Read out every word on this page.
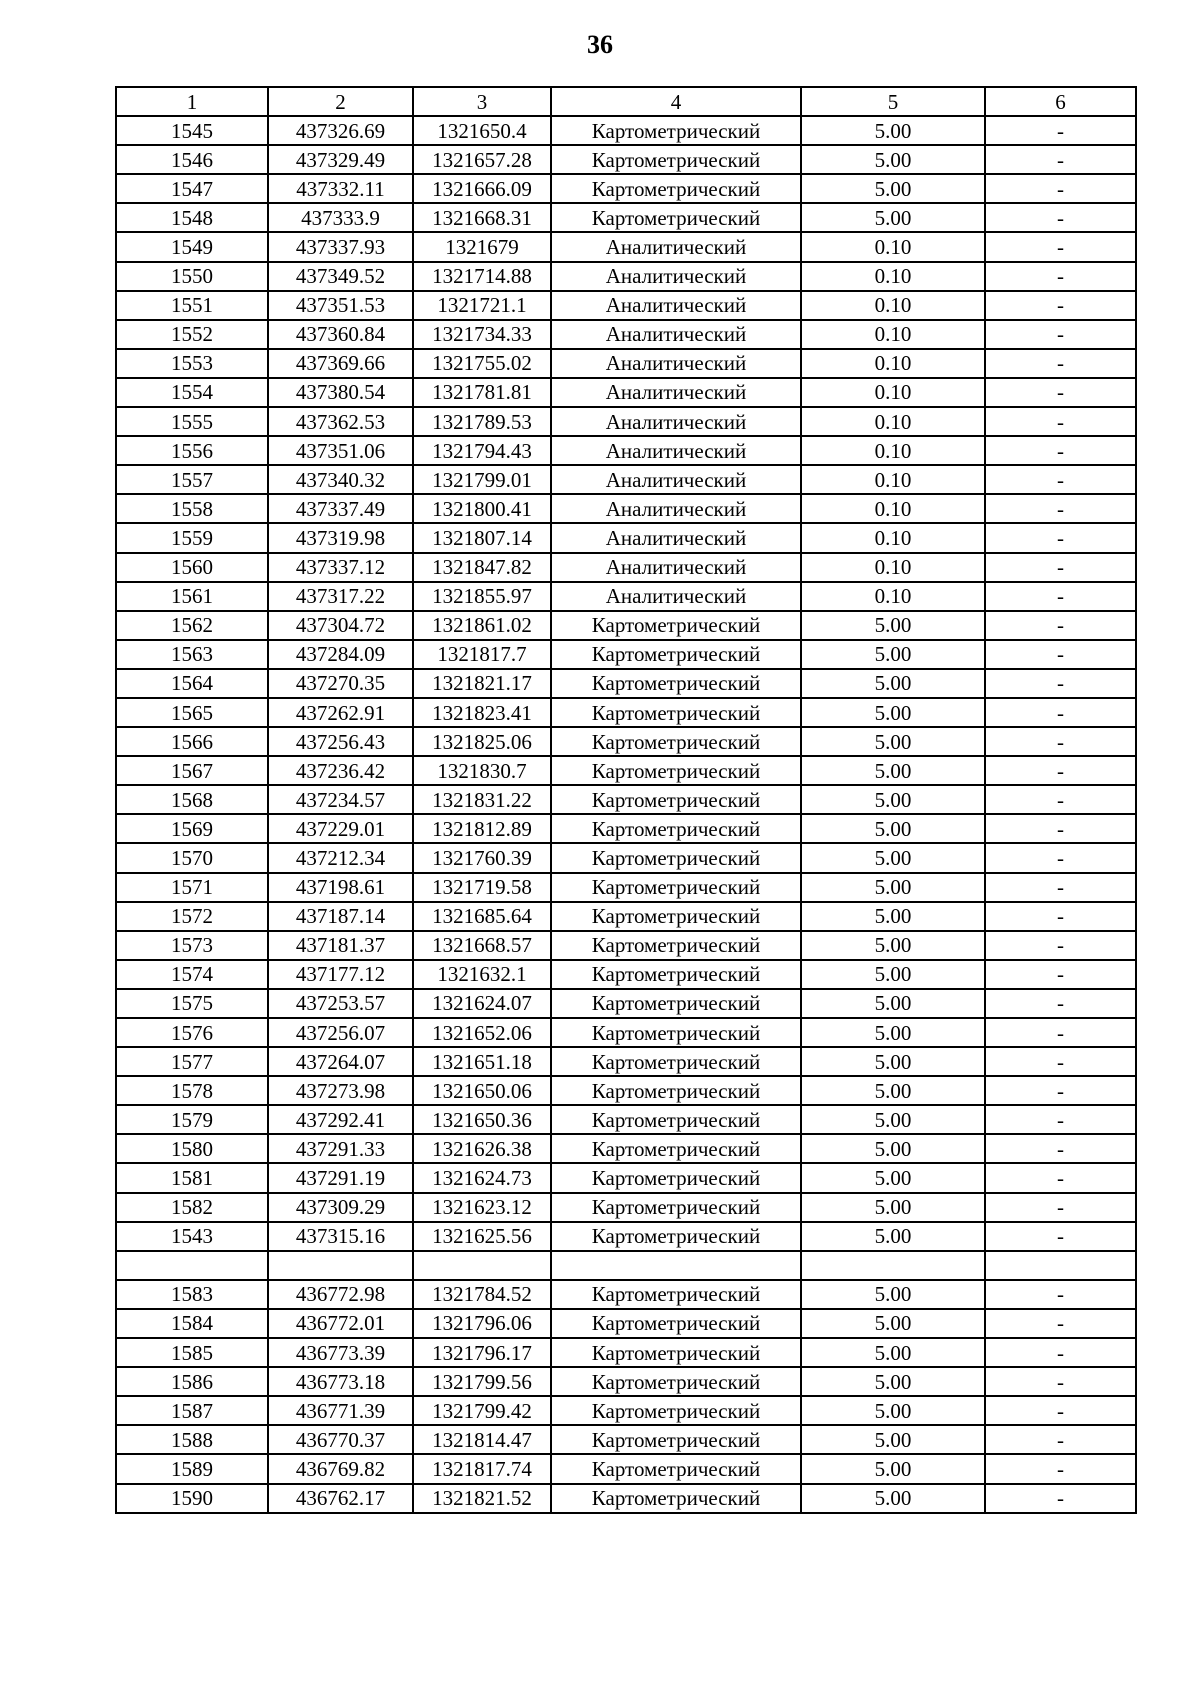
36
1	2	3	4	5	6
1545	437326.69	1321650.4	Картометрический	5.00	-
1546	437329.49	1321657.28	Картометрический	5.00	-
1547	437332.11	1321666.09	Картометрический	5.00	-
1548	437333.9	1321668.31	Картометрический	5.00	-
1549	437337.93	1321679	Аналитический	0.10	-
1550	437349.52	1321714.88	Аналитический	0.10	-
1551	437351.53	1321721.1	Аналитический	0.10	-
1552	437360.84	1321734.33	Аналитический	0.10	-
1553	437369.66	1321755.02	Аналитический	0.10	-
1554	437380.54	1321781.81	Аналитический	0.10	-
1555	437362.53	1321789.53	Аналитический	0.10	-
1556	437351.06	1321794.43	Аналитический	0.10	-
1557	437340.32	1321799.01	Аналитический	0.10	-
1558	437337.49	1321800.41	Аналитический	0.10	-
1559	437319.98	1321807.14	Аналитический	0.10	-
1560	437337.12	1321847.82	Аналитический	0.10	-
1561	437317.22	1321855.97	Аналитический	0.10	-
1562	437304.72	1321861.02	Картометрический	5.00	-
1563	437284.09	1321817.7	Картометрический	5.00	-
1564	437270.35	1321821.17	Картометрический	5.00	-
1565	437262.91	1321823.41	Картометрический	5.00	-
1566	437256.43	1321825.06	Картометрический	5.00	-
1567	437236.42	1321830.7	Картометрический	5.00	-
1568	437234.57	1321831.22	Картометрический	5.00	-
1569	437229.01	1321812.89	Картометрический	5.00	-
1570	437212.34	1321760.39	Картометрический	5.00	-
1571	437198.61	1321719.58	Картометрический	5.00	-
1572	437187.14	1321685.64	Картометрический	5.00	-
1573	437181.37	1321668.57	Картометрический	5.00	-
1574	437177.12	1321632.1	Картометрический	5.00	-
1575	437253.57	1321624.07	Картометрический	5.00	-
1576	437256.07	1321652.06	Картометрический	5.00	-
1577	437264.07	1321651.18	Картометрический	5.00	-
1578	437273.98	1321650.06	Картометрический	5.00	-
1579	437292.41	1321650.36	Картометрический	5.00	-
1580	437291.33	1321626.38	Картометрический	5.00	-
1581	437291.19	1321624.73	Картометрический	5.00	-
1582	437309.29	1321623.12	Картометрический	5.00	-
1543	437315.16	1321625.56	Картометрический	5.00	-

1583	436772.98	1321784.52	Картометрический	5.00	-
1584	436772.01	1321796.06	Картометрический	5.00	-
1585	436773.39	1321796.17	Картометрический	5.00	-
1586	436773.18	1321799.56	Картометрический	5.00	-
1587	436771.39	1321799.42	Картометрический	5.00	-
1588	436770.37	1321814.47	Картометрический	5.00	-
1589	436769.82	1321817.74	Картометрический	5.00	-
1590	436762.17	1321821.52	Картометрический	5.00	-
